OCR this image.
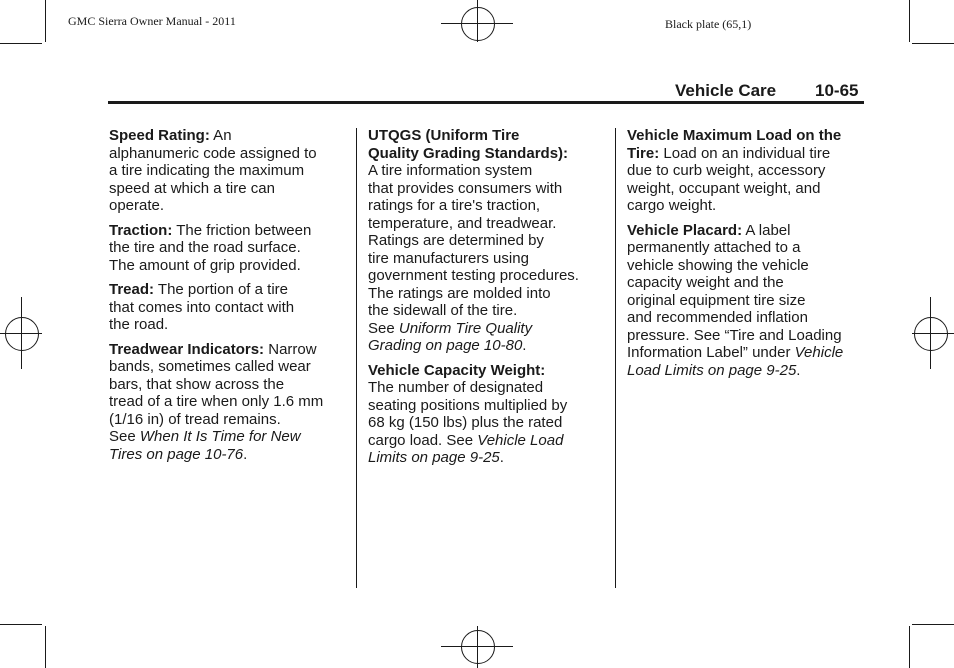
GMC Sierra Owner Manual - 2011	Black plate (65,1)
Vehicle Care 10-65

Speed Rating: An
alphanumeric code assigned to
a tire indicating the maximum
speed at which a tire can
operate.

Traction: The friction between
the tire and the road surface.
The amount of grip provided.

Tread: The portion of a tire
that comes into contact with
the road.

Treadwear Indicators: Narrow
bands, sometimes called wear
bars, that show across the
tread of a tire when only 1.6 mm
(1/16 in) of tread remains.
See When It Is Time for New
Tires on page 10-76.

UTQGS (Uniform Tire
Quality Grading Standards):
A tire information system
that provides consumers with
ratings for a tire's traction,
temperature, and treadwear.
Ratings are determined by
tire manufacturers using
government testing procedures.
The ratings are molded into
the sidewall of the tire.
See Uniform Tire Quality
Grading on page 10-80.

Vehicle Capacity Weight:
The number of designated
seating positions multiplied by
68 kg (150 lbs) plus the rated
cargo load. See Vehicle Load
Limits on page 9-25.

Vehicle Maximum Load on the
Tire: Load on an individual tire
due to curb weight, accessory
weight, occupant weight, and
cargo weight.

Vehicle Placard: A label
permanently attached to a
vehicle showing the vehicle
capacity weight and the
original equipment tire size
and recommended inflation
pressure. See “Tire and Loading
Information Label” under Vehicle
Load Limits on page 9-25.
